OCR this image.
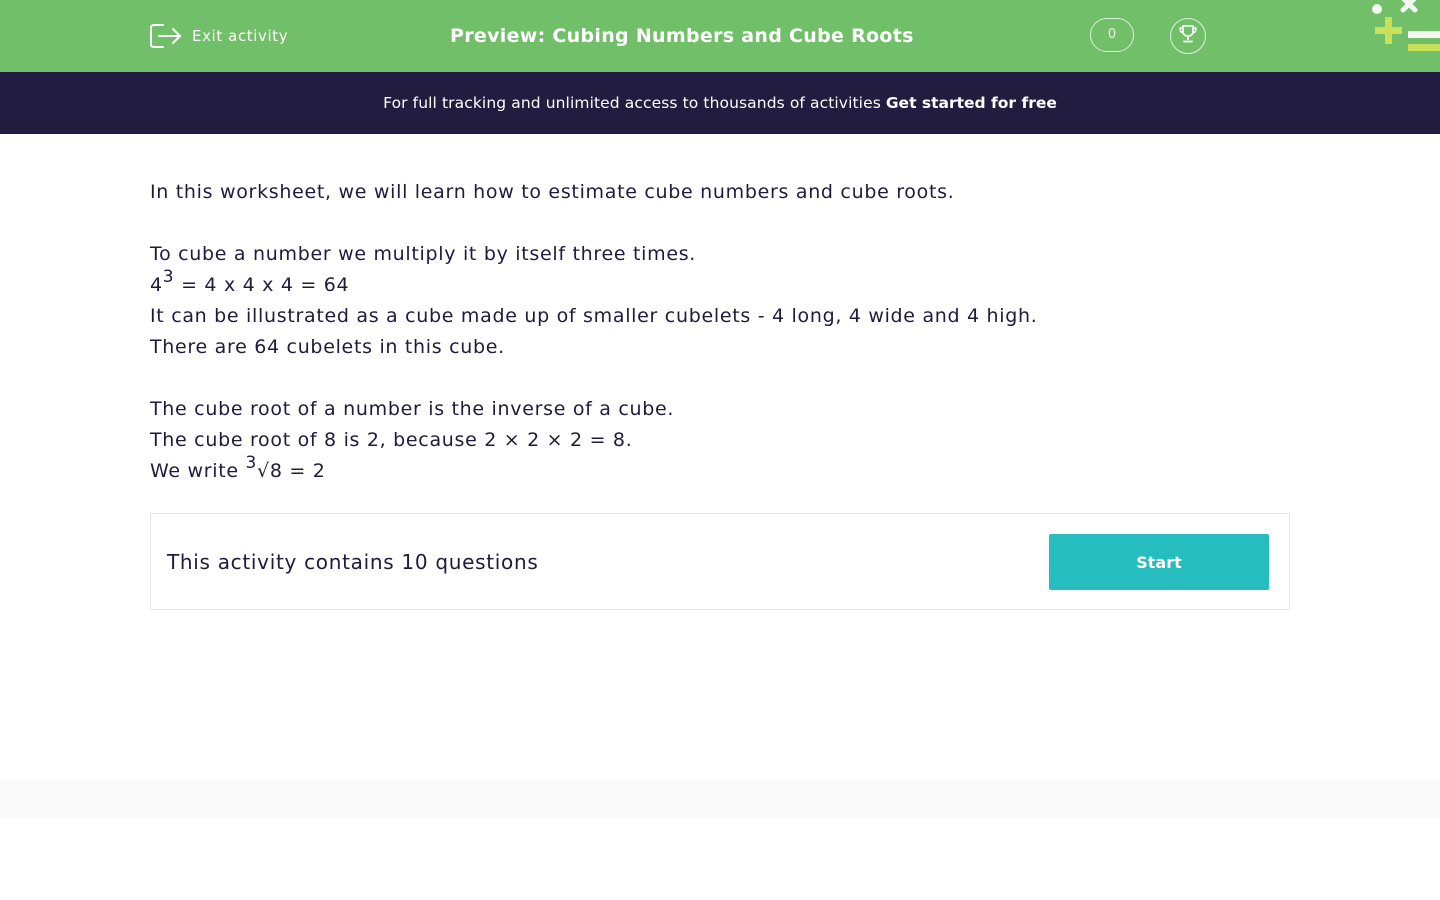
Exit activity	Preview: Cubing Numbers and Cube Roots	0
For full tracking and unlimited access to thousands of activities Get started for free

In this worksheet, we will learn how to estimate cube numbers and cube roots.

To cube a number we multiply it by itself three times.

43 = 4 x 4 x 4 = 64

It can be illustrated as a cube made up of smaller cubelets - 4 long, 4 wide and 4 high.

There are 64 cubelets in this cube.

The cube root of a number is the inverse of a cube.

The cube root of 8 is 2, because 2 × 2 × 2 = 8.

We write 3√8 = 2

This activity contains 10 questions	Start
